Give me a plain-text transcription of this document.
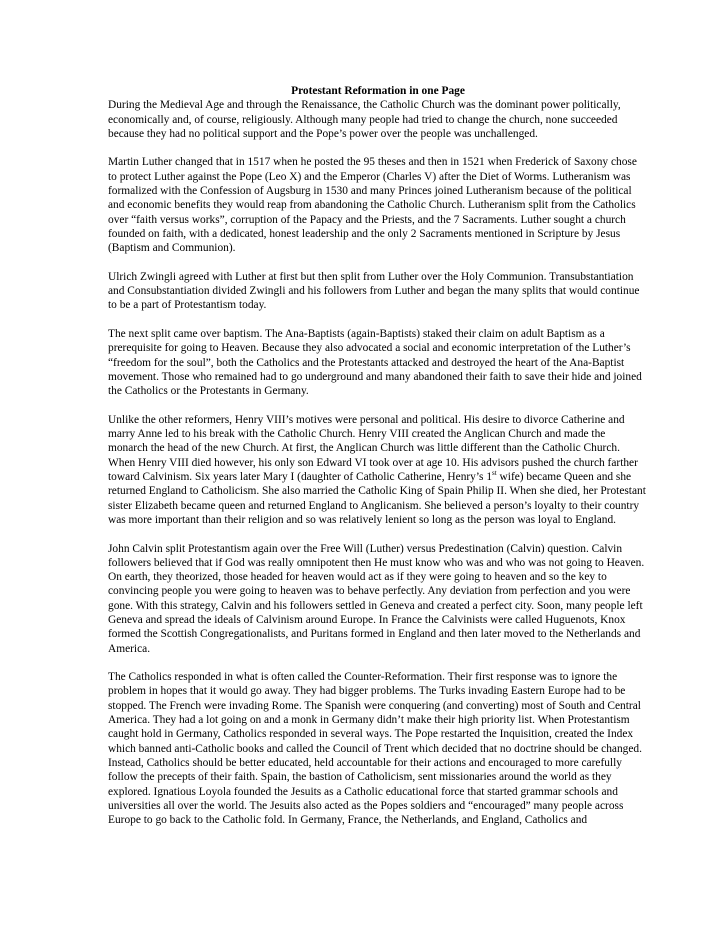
Protestant Reformation in one Page

During the Medieval Age and through the Renaissance, the Catholic Church was the dominant power politically, economically and, of course, religiously. Although many people had tried to change the church, none succeeded because they had no political support and the Pope’s power over the people was unchallenged.

Martin Luther changed that in 1517 when he posted the 95 theses and then in 1521 when Frederick of Saxony chose to protect Luther against the Pope (Leo X) and the Emperor (Charles V) after the Diet of Worms. Lutheranism was formalized with the Confession of Augsburg in 1530 and many Princes joined Lutheranism because of the political and economic benefits they would reap from abandoning the Catholic Church. Lutheranism split from the Catholics over “faith versus works”, corruption of the Papacy and the Priests, and the 7 Sacraments. Luther sought a church founded on faith, with a dedicated, honest leadership and the only 2 Sacraments mentioned in Scripture by Jesus (Baptism and Communion).

Ulrich Zwingli agreed with Luther at first but then split from Luther over the Holy Communion. Transubstantiation and Consubstantiation divided Zwingli and his followers from Luther and began the many splits that would continue to be a part of Protestantism today.

The next split came over baptism. The Ana-Baptists (again-Baptists) staked their claim on adult Baptism as a prerequisite for going to Heaven. Because they also advocated a social and economic interpretation of the Luther’s “freedom for the soul”, both the Catholics and the Protestants attacked and destroyed the heart of the Ana-Baptist movement. Those who remained had to go underground and many abandoned their faith to save their hide and joined the Catholics or the Protestants in Germany.

Unlike the other reformers, Henry VIII’s motives were personal and political. His desire to divorce Catherine and marry Anne led to his break with the Catholic Church. Henry VIII created the Anglican Church and made the monarch the head of the new Church. At first, the Anglican Church was little different than the Catholic Church. When Henry VIII died however, his only son Edward VI took over at age 10. His advisors pushed the church farther toward Calvinism. Six years later Mary I (daughter of Catholic Catherine, Henry’s 1st wife) became Queen and she returned England to Catholicism. She also married the Catholic King of Spain Philip II. When she died, her Protestant sister Elizabeth became queen and returned England to Anglicanism. She believed a person’s loyalty to their country was more important than their religion and so was relatively lenient so long as the person was loyal to England.

John Calvin split Protestantism again over the Free Will (Luther) versus Predestination (Calvin) question. Calvin followers believed that if God was really omnipotent then He must know who was and who was not going to Heaven. On earth, they theorized, those headed for heaven would act as if they were going to heaven and so the key to convincing people you were going to heaven was to behave perfectly. Any deviation from perfection and you were gone. With this strategy, Calvin and his followers settled in Geneva and created a perfect city. Soon, many people left Geneva and spread the ideals of Calvinism around Europe. In France the Calvinists were called Huguenots, Knox formed the Scottish Congregationalists, and Puritans formed in England and then later moved to the Netherlands and America.

The Catholics responded in what is often called the Counter-Reformation. Their first response was to ignore the problem in hopes that it would go away. They had bigger problems. The Turks invading Eastern Europe had to be stopped. The French were invading Rome. The Spanish were conquering (and converting) most of South and Central America. They had a lot going on and a monk in Germany didn’t make their high priority list. When Protestantism caught hold in Germany, Catholics responded in several ways. The Pope restarted the Inquisition, created the Index which banned anti-Catholic books and called the Council of Trent which decided that no doctrine should be changed. Instead, Catholics should be better educated, held accountable for their actions and encouraged to more carefully follow the precepts of their faith. Spain, the bastion of Catholicism, sent missionaries around the world as they explored. Ignatious Loyola founded the Jesuits as a Catholic educational force that started grammar schools and universities all over the world. The Jesuits also acted as the Popes soldiers and “encouraged” many people across Europe to go back to the Catholic fold. In Germany, France, the Netherlands, and England, Catholics and
